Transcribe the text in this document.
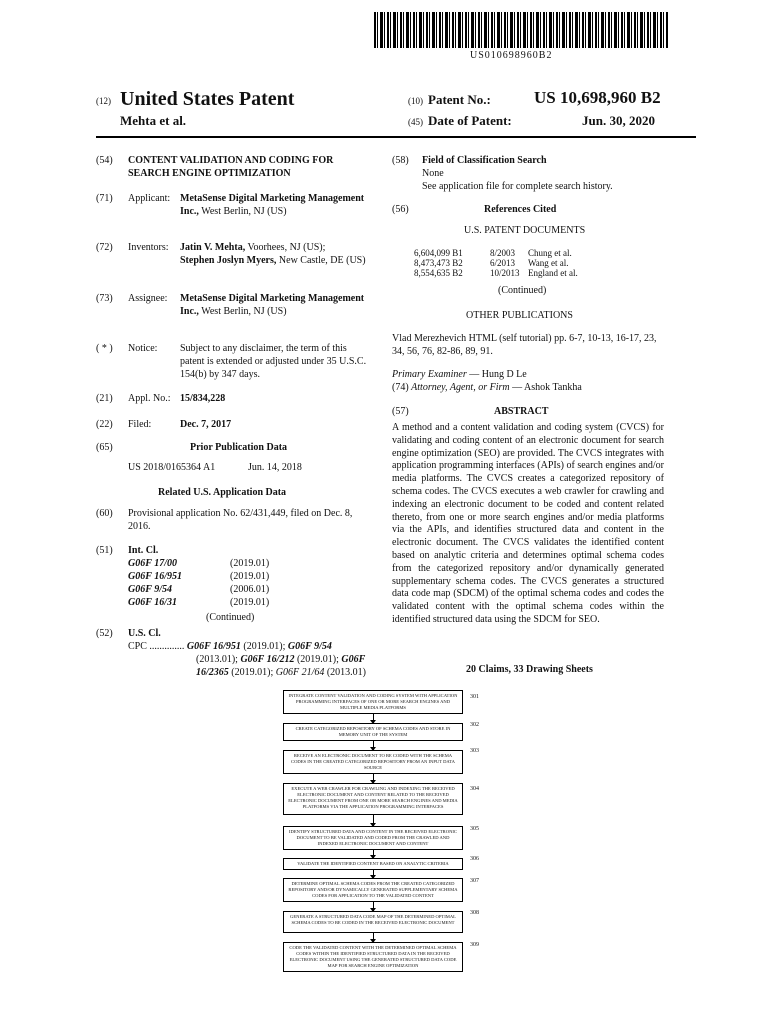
US010698960B2
(12) United States Patent
Mehta et al.
(10) Patent No.:	US 10,698,960 B2
(45) Date of Patent:	Jun. 30, 2020
(54) CONTENT VALIDATION AND CODING FOR SEARCH ENGINE OPTIMIZATION
(71) Applicant: MetaSense Digital Marketing Management Inc., West Berlin, NJ (US)
(72) Inventors: Jatin V. Mehta, Voorhees, NJ (US);
Stephen Joslyn Myers, New Castle, DE (US)
(73) Assignee: MetaSense Digital Marketing Management Inc., West Berlin, NJ (US)
( * ) Notice: Subject to any disclaimer, the term of this patent is extended or adjusted under 35 U.S.C. 154(b) by 347 days.
(21) Appl. No.: 15/834,228
(22) Filed:	Dec. 7, 2017
(65)	Prior Publication Data
US 2018/0165364 A1	Jun. 14, 2018
Related U.S. Application Data
(60) Provisional application No. 62/431,449, filed on Dec. 8, 2016.
(51) Int. Cl.
G06F 17/00	(2019.01)
G06F 16/951	(2019.01)
G06F 9/54	(2006.01)
G06F 16/31	(2019.01)
(Continued)
(52) U.S. Cl.
CPC .............. G06F 16/951 (2019.01); G06F 9/54
(2013.01); G06F 16/212 (2019.01); G06F
16/2365 (2019.01); G06F 21/64 (2013.01)
(58) Field of Classification Search
None
See application file for complete search history.
(56)	References Cited
U.S. PATENT DOCUMENTS
6,604,099 B1	8/2003 Chung et al.
8,473,473 B2	6/2013 Wang et al.
8,554,635 B2	10/2013 England et al.
(Continued)
OTHER PUBLICATIONS
Vlad Merezhevich HTML (self tutorial) pp. 6-7, 10-13, 16-17, 23, 34, 56, 76, 82-86, 89, 91.
Primary Examiner — Hung D Le
(74) Attorney, Agent, or Firm — Ashok Tankha
(57)	ABSTRACT
A method and a content validation and coding system (CVCS) for validating and coding content of an electronic document for search engine optimization (SEO) are provided. The CVCS integrates with application programming interfaces (APIs) of search engines and/or media platforms. The CVCS creates a categorized repository of schema codes. The CVCS executes a web crawler for crawling and indexing an electronic document to be coded and content related thereto, from one or more search engines and/or media platforms via the APIs, and identifies structured data and content in the electronic document. The CVCS validates the identified content based on analytic criteria and determines optimal schema codes from the categorized repository and/or dynamically generated supplementary schema codes. The CVCS generates a structured data code map (SDCM) of the optimal schema codes and codes the validated content with the optimal schema codes within the identified structured data using the SDCM for SEO.
20 Claims, 33 Drawing Sheets
INTEGRATE CONTENT VALIDATION AND CODING SYSTEM WITH APPLICATION PROGRAMMING INTERFACES OF ONE OR MORE SEARCH ENGINES AND MULTIPLE MEDIA PLATFORMS
301
CREATE CATEGORIZED REPOSITORY OF SCHEMA CODES AND STORE IN MEMORY UNIT OF THE SYSTEM
302
RECEIVE AN ELECTRONIC DOCUMENT TO BE CODED WITH THE SCHEMA CODES IN THE CREATED CATEGORIZED REPOSITORY FROM AN INPUT DATA SOURCE
303
EXECUTE A WEB CRAWLER FOR CRAWLING AND INDEXING THE RECEIVED ELECTRONIC DOCUMENT AND CONTENT RELATED TO THE RECEIVED ELECTRONIC DOCUMENT FROM ONE OR MORE SEARCH ENGINES AND MEDIA PLATFORMS VIA THE APPLICATION PROGRAMMING INTERFACES
304
IDENTIFY STRUCTURED DATA AND CONTENT IN THE RECEIVED ELECTRONIC DOCUMENT TO BE VALIDATED AND CODED FROM THE CRAWLED AND INDEXED ELECTRONIC DOCUMENT AND CONTENT
305
VALIDATE THE IDENTIFIED CONTENT BASED ON ANALYTIC CRITERIA
306
DETERMINE OPTIMAL SCHEMA CODES FROM THE CREATED CATEGORIZED REPOSITORY AND/OR DYNAMICALLY GENERATED SUPPLEMENTARY SCHEMA CODES FOR APPLICATION TO THE VALIDATED CONTENT
307
GENERATE A STRUCTURED DATA CODE MAP OF THE DETERMINED OPTIMAL SCHEMA CODES TO BE CODED IN THE RECEIVED ELECTRONIC DOCUMENT
308
CODE THE VALIDATED CONTENT WITH THE DETERMINED OPTIMAL SCHEMA CODES WITHIN THE IDENTIFIED STRUCTURED DATA IN THE RECEIVED ELECTRONIC DOCUMENT USING THE GENERATED STRUCTURED DATA CODE MAP FOR SEARCH ENGINE OPTIMIZATION
309
